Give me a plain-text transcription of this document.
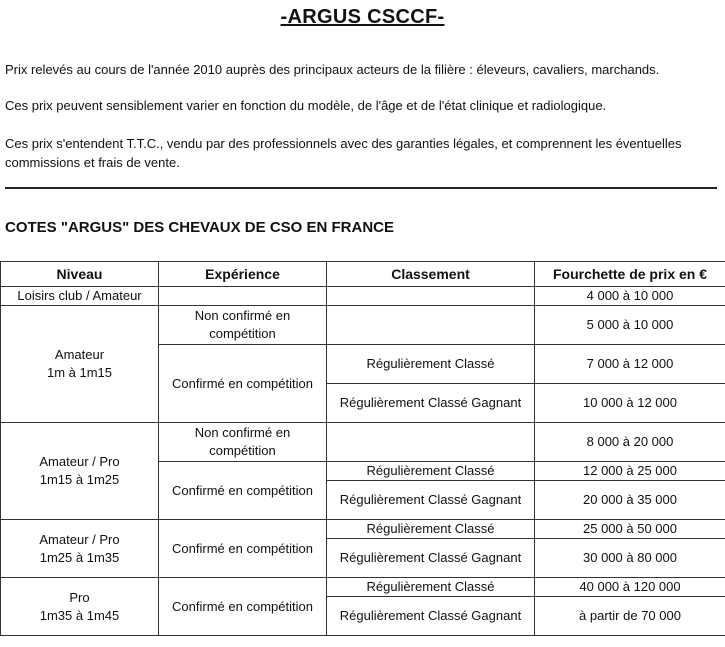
-ARGUS CSCCF-
Prix relevés au cours de l'année 2010 auprès des principaux acteurs de la filière : éleveurs, cavaliers, marchands.
Ces prix peuvent sensiblement varier en fonction du modèle, de l'âge et de l'état clinique et radiologique.
Ces prix s'entendent T.T.C., vendu par des professionnels avec des garanties légales, et comprennent les éventuelles commissions et frais de vente.
COTES "ARGUS" DES CHEVAUX DE CSO EN FRANCE
Niveau	Expérience	Classement	Fourchette de prix en €
Loisirs club / Amateur			4 000 à 10 000
Amateur
1m à 1m15	Non confirmé en compétition		5 000 à 10 000
	Confirmé en compétition	Régulièrement Classé	7 000 à 12 000
		Régulièrement Classé Gagnant	10 000 à 12 000
Amateur / Pro
1m15 à 1m25	Non confirmé en compétition		8 000 à 20 000
	Confirmé en compétition	Régulièrement Classé	12 000 à 25 000
		Régulièrement Classé Gagnant	20 000 à 35 000
Amateur / Pro
1m25 à 1m35	Confirmé en compétition	Régulièrement Classé	25 000 à 50 000
		Régulièrement Classé Gagnant	30 000 à 80 000
Pro
1m35 à 1m45	Confirmé en compétition	Régulièrement Classé	40 000 à 120 000
		Régulièrement Classé Gagnant	à partir de 70 000
